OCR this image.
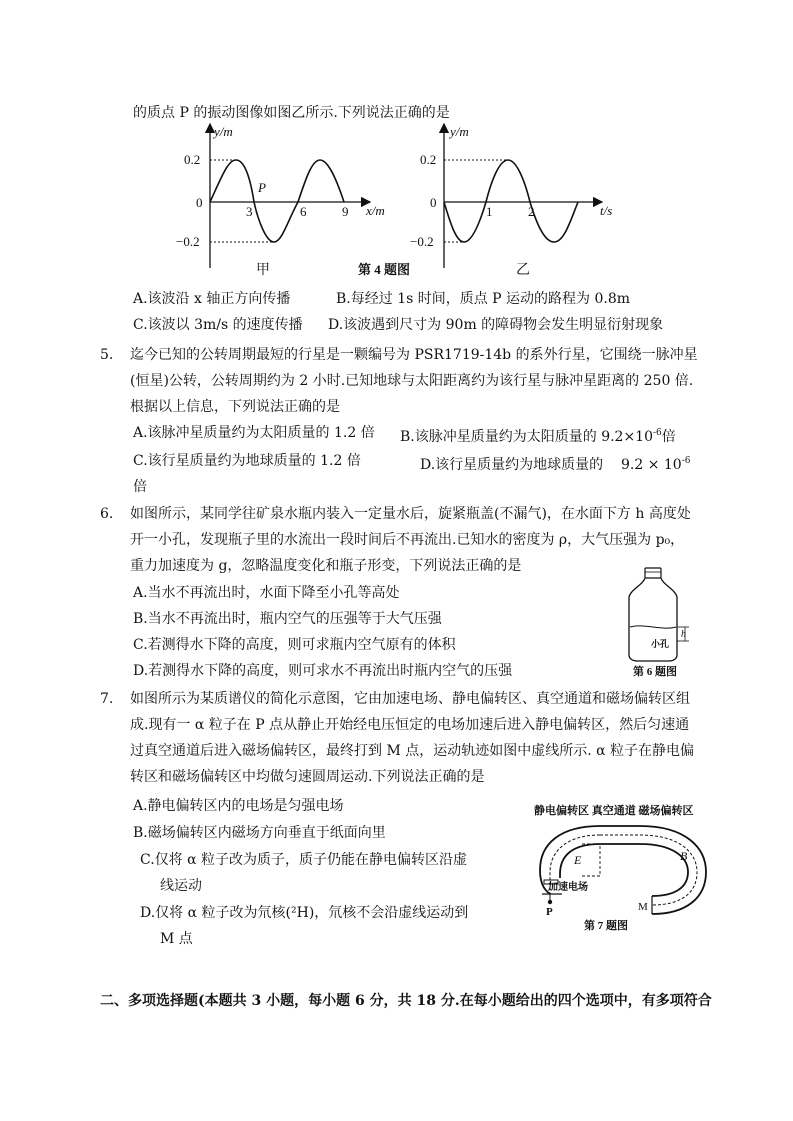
的质点 P 的振动图像如图乙所示.下列说法正确的是
y/m
x/m
0.2
−0.2
0
3	6	9
P
甲	第 4 题图
y/m
t/s
0.2
−0.2
0
1	2
乙
A.该波沿 x 轴正方向传播	B.每经过 1s 时间，质点 P 运动的路程为 0.8m
C.该波以 3m/s 的速度传播 D.该波遇到尺寸为 90m 的障碍物会发生明显衍射现象
5. 迄今已知的公转周期最短的行星是一颗编号为 PSR1719-14b 的系外行星，它围绕一脉冲星
(恒星)公转，公转周期约为 2 小时.已知地球与太阳距离约为该行星与脉冲星距离的 250 倍.
根据以上信息，下列说法正确的是
A.该脉冲星质量约为太阳质量的 1.2 倍 B.该脉冲星质量约为太阳质量的 $9.2\times 10^{-6}$倍
C.该行星质量约为地球质量的 1.2 倍	D.该行星质量约为地球质量的 $9.2 \times 10^{-6}$
倍
6. 如图所示，某同学往矿泉水瓶内装入一定量水后，旋紧瓶盖(不漏气)，在水面下方 h 高度处
开一小孔，发现瓶子里的水流出一段时间后不再流出.已知水的密度为 ρ，大气压强为 p₀，
重力加速度为 g，忽略温度变化和瓶子形变，下列说法正确的是
A.当水不再流出时，水面下降至小孔等高处
B.当水不再流出时，瓶内空气的压强等于大气压强
C.若测得水下降的高度，则可求瓶内空气原有的体积
D.若测得水下降的高度，则可求水不再流出时瓶内空气的压强
h
小孔
第 6 题图
7. 如图所示为某质谱仪的简化示意图，它由加速电场、静电偏转区、真空通道和磁场偏转区组
成.现有一 α 粒子在 P 点从静止开始经电压恒定的电场加速后进入静电偏转区，然后匀速通
过真空通道后进入磁场偏转区，最终打到 M 点，运动轨迹如图中虚线所示. α 粒子在静电偏
转区和磁场偏转区中均做匀速圆周运动.下列说法正确的是
A.静电偏转区内的电场是匀强电场
B.磁场偏转区内磁场方向垂直于纸面向里
C.仅将 α 粒子改为质子，质子仍能在静电偏转区沿虚
线运动
D.仅将 α 粒子改为氘核(²H)，氘核不会沿虚线运动到
M 点
静电偏转区 真空通道 磁场偏转区
E	B
M
加速电场
P
第 7 题图
二、多项选择题(本题共 3 小题，每小题 6 分，共 18 分.在每小题给出的四个选项中，有多项符合
